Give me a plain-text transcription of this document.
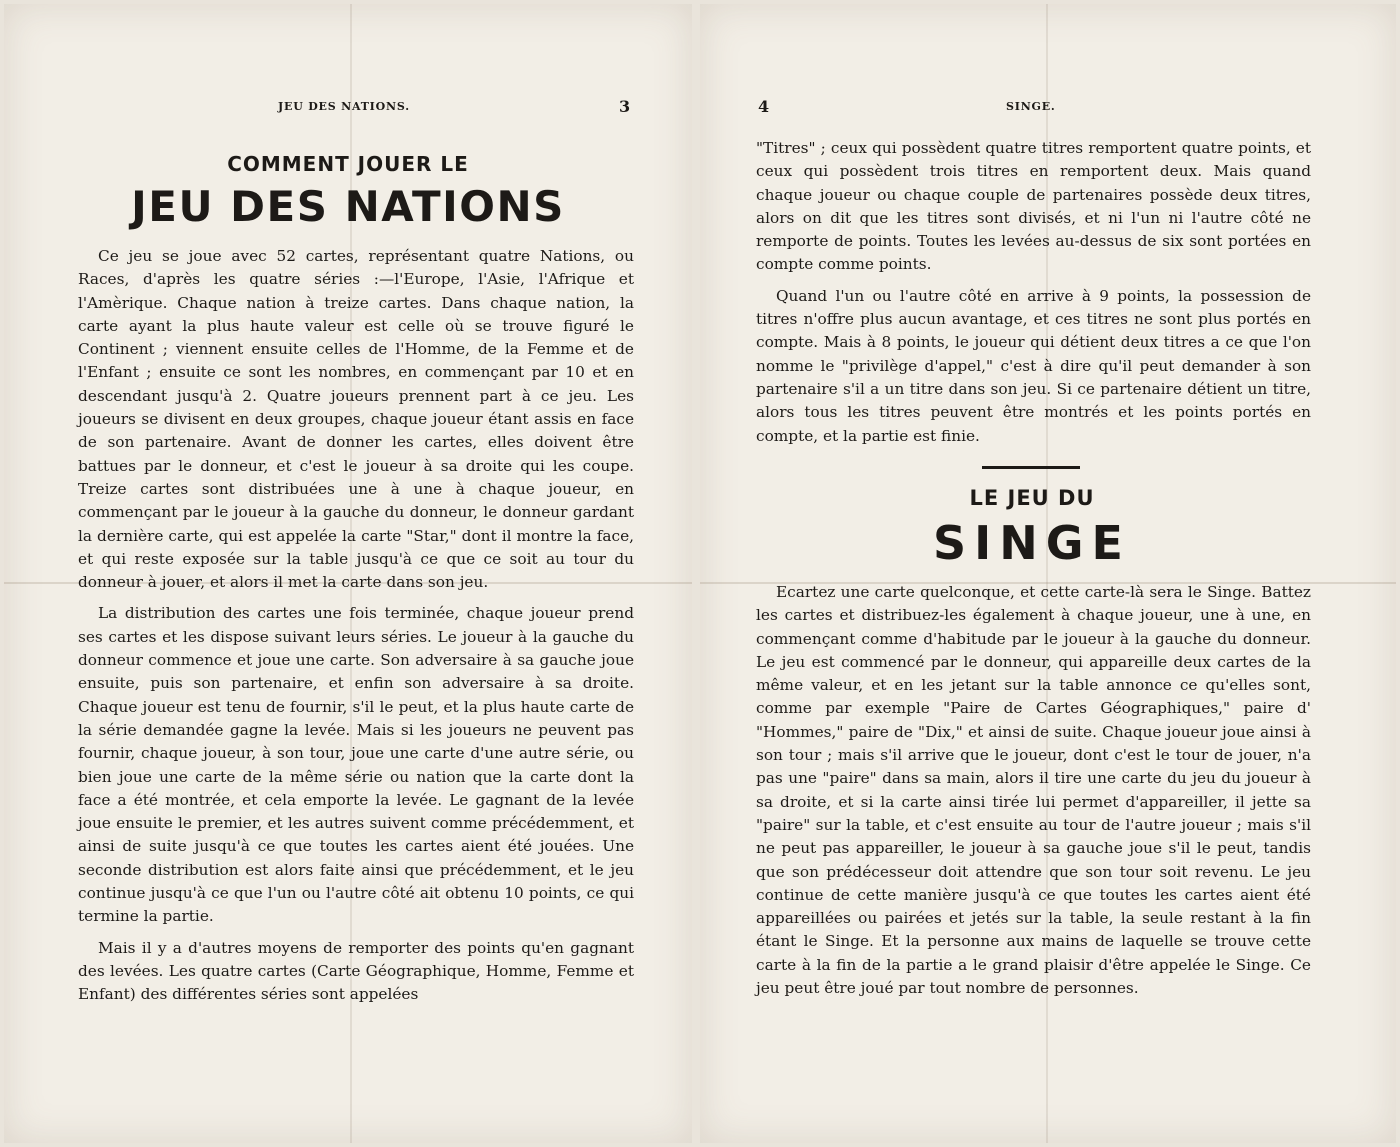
JEU DES NATIONS.	3
COMMENT JOUER LE
JEU DES NATIONS

Ce jeu se joue avec 52 cartes, représentant quatre Nations, ou Races, d'après les quatre séries :—l'Europe, l'Asie, l'Afrique et l'Amèrique. Chaque nation à treize cartes. Dans chaque nation, la carte ayant la plus haute valeur est celle où se trouve figuré le Continent ; viennent ensuite celles de l'Homme, de la Femme et de l'Enfant ; ensuite ce sont les nombres, en commençant par 10 et en descendant jusqu'à 2. Quatre joueurs prennent part à ce jeu. Les joueurs se divisent en deux groupes, chaque joueur étant assis en face de son partenaire. Avant de donner les cartes, elles doivent être battues par le donneur, et c'est le joueur à sa droite qui les coupe. Treize cartes sont distribuées une à une à chaque joueur, en commençant par le joueur à la gauche du donneur, le donneur gardant la dernière carte, qui est appelée la carte "Star," dont il montre la face, et qui reste exposée sur la table jusqu'à ce que ce soit au tour du donneur à jouer, et alors il met la carte dans son jeu.

La distribution des cartes une fois terminée, chaque joueur prend ses cartes et les dispose suivant leurs séries. Le joueur à la gauche du donneur commence et joue une carte. Son adversaire à sa gauche joue ensuite, puis son partenaire, et enfin son adversaire à sa droite. Chaque joueur est tenu de fournir, s'il le peut, et la plus haute carte de la série demandée gagne la levée. Mais si les joueurs ne peuvent pas fournir, chaque joueur, à son tour, joue une carte d'une autre série, ou bien joue une carte de la même série ou nation que la carte dont la face a été montrée, et cela emporte la levée. Le gagnant de la levée joue ensuite le premier, et les autres suivent comme précédemment, et ainsi de suite jusqu'à ce que toutes les cartes aient été jouées. Une seconde distribution est alors faite ainsi que précédemment, et le jeu continue jusqu'à ce que l'un ou l'autre côté ait obtenu 10 points, ce qui termine la partie.

Mais il y a d'autres moyens de remporter des points qu'en gagnant des levées. Les quatre cartes (Carte Géographique, Homme, Femme et Enfant) des différentes séries sont appelées

4	SINGE.

"Titres" ; ceux qui possèdent quatre titres remportent quatre points, et ceux qui possèdent trois titres en remportent deux. Mais quand chaque joueur ou chaque couple de partenaires possède deux titres, alors on dit que les titres sont divisés, et ni l'un ni l'autre côté ne remporte de points. Toutes les levées au-dessus de six sont portées en compte comme points.

Quand l'un ou l'autre côté en arrive à 9 points, la possession de titres n'offre plus aucun avantage, et ces titres ne sont plus portés en compte. Mais à 8 points, le joueur qui détient deux titres a ce que l'on nomme le "privilège d'appel," c'est à dire qu'il peut demander à son partenaire s'il a un titre dans son jeu. Si ce partenaire détient un titre, alors tous les titres peuvent être montrés et les points portés en compte, et la partie est finie.

LE JEU DU
SINGE

Ecartez une carte quelconque, et cette carte-là sera le Singe. Battez les cartes et distribuez-les également à chaque joueur, une à une, en commençant comme d'habitude par le joueur à la gauche du donneur. Le jeu est commencé par le donneur, qui appareille deux cartes de la même valeur, et en les jetant sur la table annonce ce qu'elles sont, comme par exemple "Paire de Cartes Géographiques," paire d' "Hommes," paire de "Dix," et ainsi de suite. Chaque joueur joue ainsi à son tour ; mais s'il arrive que le joueur, dont c'est le tour de jouer, n'a pas une "paire" dans sa main, alors il tire une carte du jeu du joueur à sa droite, et si la carte ainsi tirée lui permet d'appareiller, il jette sa "paire" sur la table, et c'est ensuite au tour de l'autre joueur ; mais s'il ne peut pas appareiller, le joueur à sa gauche joue s'il le peut, tandis que son prédécesseur doit attendre que son tour soit revenu. Le jeu continue de cette manière jusqu'à ce que toutes les cartes aient été appareillées ou pairées et jetés sur la table, la seule restant à la fin étant le Singe. Et la personne aux mains de laquelle se trouve cette carte à la fin de la partie a le grand plaisir d'être appelée le Singe. Ce jeu peut être joué par tout nombre de personnes.
